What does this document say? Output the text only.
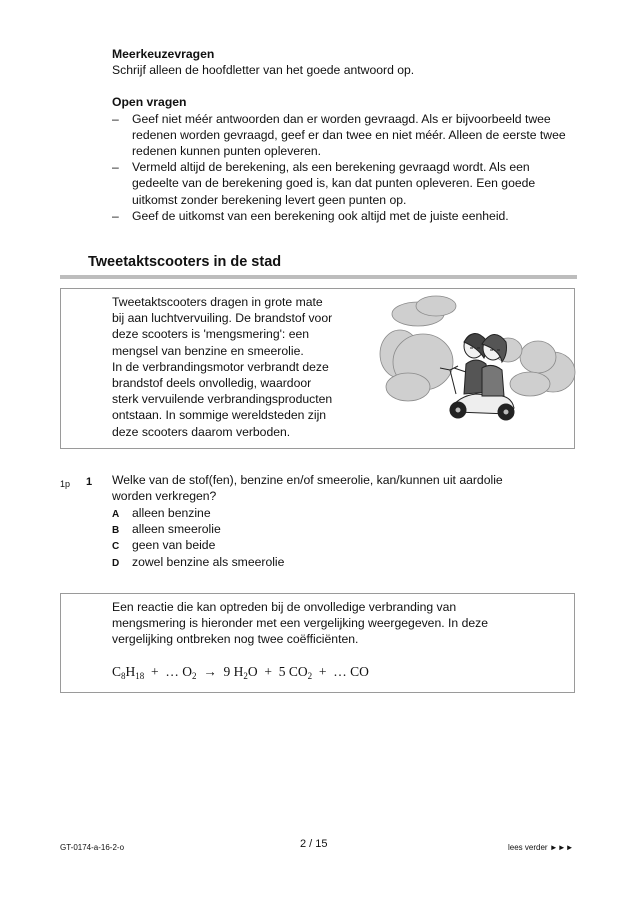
Meerkeuzevragen
Schrijf alleen de hoofdletter van het goede antwoord op.
Open vragen
– Geef niet méér antwoorden dan er worden gevraagd. Als er bijvoorbeeld twee redenen worden gevraagd, geef er dan twee en niet méér. Alleen de eerste twee redenen kunnen punten opleveren.
– Vermeld altijd de berekening, als een berekening gevraagd wordt. Als een gedeelte van de berekening goed is, kan dat punten opleveren. Een goede uitkomst zonder berekening levert geen punten op.
– Geef de uitkomst van een berekening ook altijd met de juiste eenheid.
Tweetaktscooters in de stad
Tweetaktscooters dragen in grote mate
bij aan luchtvervuiling. De brandstof voor
deze scooters is 'mengsmering': een
mengsel van benzine en smeerolie.
In de verbrandingsmotor verbrandt deze
brandstof deels onvolledig, waardoor
sterk vervuilende verbrandingsproducten
ontstaan. In sommige wereldsteden zijn
deze scooters daarom verboden.
1p 1 Welke van de stof(fen), benzine en/of smeerolie, kan/kunnen uit aardolie
worden verkregen?
A alleen benzine
B alleen smeerolie
C geen van beide
D zowel benzine als smeerolie
Een reactie die kan optreden bij de onvolledige verbranding van
mengsmering is hieronder met een vergelijking weergegeven. In deze
vergelijking ontbreken nog twee coëfficiënten.
$C_8H_{18}$ + … $O_2 \to 9$ $H_2O + 5$ $CO_2$ + … CO
GT-0174-a-16-2-o	2 / 15	lees verder ►►►
